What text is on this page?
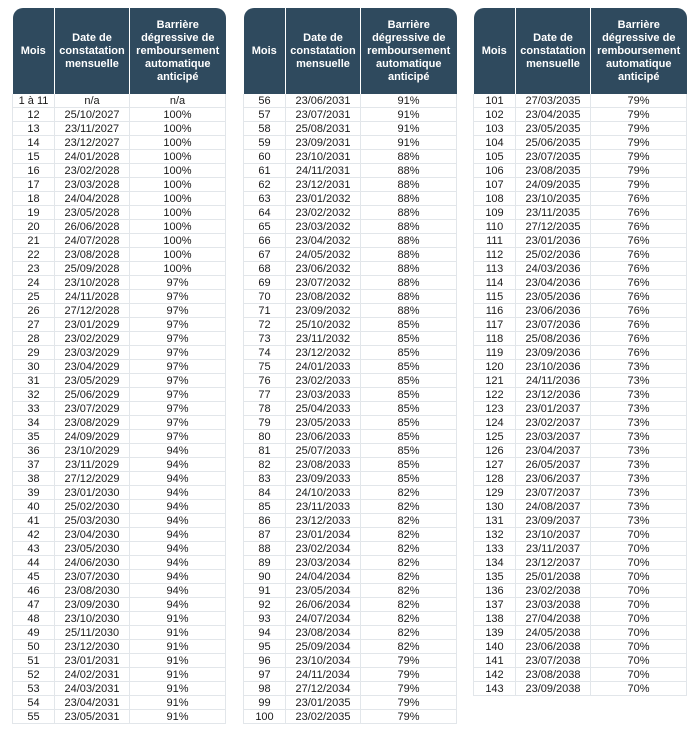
Mois	Date de constatation mensuelle	Barrière dégressive de remboursement automatique anticipé
1 à 11	n/a	n/a
12	25/10/2027	100%
13	23/11/2027	100%
14	23/12/2027	100%
15	24/01/2028	100%
16	23/02/2028	100%
17	23/03/2028	100%
18	24/04/2028	100%
19	23/05/2028	100%
20	26/06/2028	100%
21	24/07/2028	100%
22	23/08/2028	100%
23	25/09/2028	100%
24	23/10/2028	97%
25	24/11/2028	97%
26	27/12/2028	97%
27	23/01/2029	97%
28	23/02/2029	97%
29	23/03/2029	97%
30	23/04/2029	97%
31	23/05/2029	97%
32	25/06/2029	97%
33	23/07/2029	97%
34	23/08/2029	97%
35	24/09/2029	97%
36	23/10/2029	94%
37	23/11/2029	94%
38	27/12/2029	94%
39	23/01/2030	94%
40	25/02/2030	94%
41	25/03/2030	94%
42	23/04/2030	94%
43	23/05/2030	94%
44	24/06/2030	94%
45	23/07/2030	94%
46	23/08/2030	94%
47	23/09/2030	94%
48	23/10/2030	91%
49	25/11/2030	91%
50	23/12/2030	91%
51	23/01/2031	91%
52	24/02/2031	91%
53	24/03/2031	91%
54	23/04/2031	91%
55	23/05/2031	91%
Mois	Date de constatation mensuelle	Barrière dégressive de remboursement automatique anticipé
56	23/06/2031	91%
57	23/07/2031	91%
58	25/08/2031	91%
59	23/09/2031	91%
60	23/10/2031	88%
61	24/11/2031	88%
62	23/12/2031	88%
63	23/01/2032	88%
64	23/02/2032	88%
65	23/03/2032	88%
66	23/04/2032	88%
67	24/05/2032	88%
68	23/06/2032	88%
69	23/07/2032	88%
70	23/08/2032	88%
71	23/09/2032	88%
72	25/10/2032	85%
73	23/11/2032	85%
74	23/12/2032	85%
75	24/01/2033	85%
76	23/02/2033	85%
77	23/03/2033	85%
78	25/04/2033	85%
79	23/05/2033	85%
80	23/06/2033	85%
81	25/07/2033	85%
82	23/08/2033	85%
83	23/09/2033	85%
84	24/10/2033	82%
85	23/11/2033	82%
86	23/12/2033	82%
87	23/01/2034	82%
88	23/02/2034	82%
89	23/03/2034	82%
90	24/04/2034	82%
91	23/05/2034	82%
92	26/06/2034	82%
93	24/07/2034	82%
94	23/08/2034	82%
95	25/09/2034	82%
96	23/10/2034	79%
97	24/11/2034	79%
98	27/12/2034	79%
99	23/01/2035	79%
100	23/02/2035	79%
Mois	Date de constatation mensuelle	Barrière dégressive de remboursement automatique anticipé
101	27/03/2035	79%
102	23/04/2035	79%
103	23/05/2035	79%
104	25/06/2035	79%
105	23/07/2035	79%
106	23/08/2035	79%
107	24/09/2035	79%
108	23/10/2035	76%
109	23/11/2035	76%
110	27/12/2035	76%
111	23/01/2036	76%
112	25/02/2036	76%
113	24/03/2036	76%
114	23/04/2036	76%
115	23/05/2036	76%
116	23/06/2036	76%
117	23/07/2036	76%
118	25/08/2036	76%
119	23/09/2036	76%
120	23/10/2036	73%
121	24/11/2036	73%
122	23/12/2036	73%
123	23/01/2037	73%
124	23/02/2037	73%
125	23/03/2037	73%
126	23/04/2037	73%
127	26/05/2037	73%
128	23/06/2037	73%
129	23/07/2037	73%
130	24/08/2037	73%
131	23/09/2037	73%
132	23/10/2037	70%
133	23/11/2037	70%
134	23/12/2037	70%
135	25/01/2038	70%
136	23/02/2038	70%
137	23/03/2038	70%
138	27/04/2038	70%
139	24/05/2038	70%
140	23/06/2038	70%
141	23/07/2038	70%
142	23/08/2038	70%
143	23/09/2038	70%
